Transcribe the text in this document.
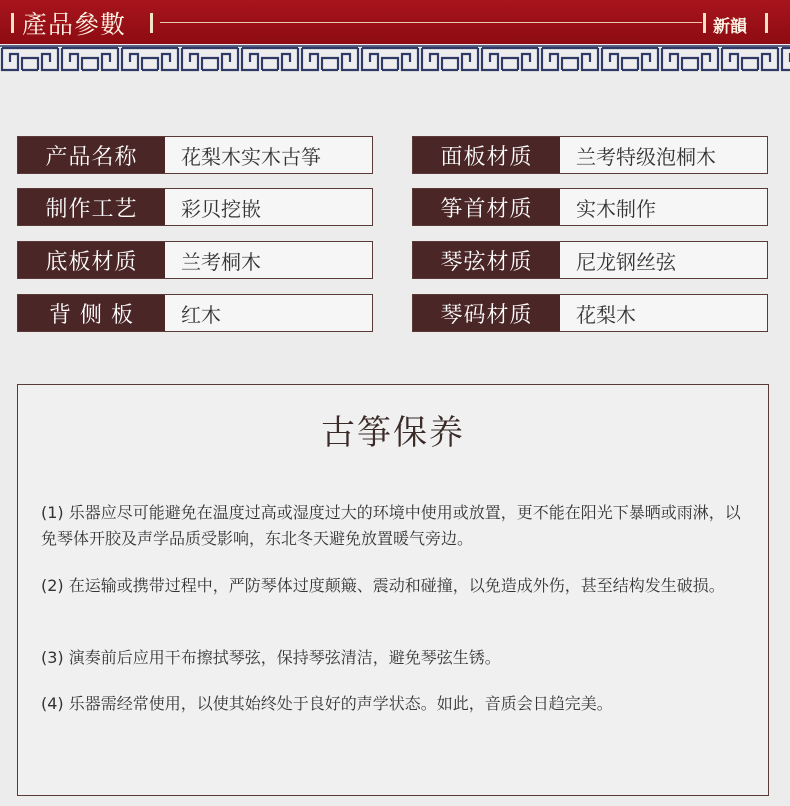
產品參數	新韻
产品名称	花梨木实木古筝	面板材质	兰考特级泡桐木
制作工艺	彩贝挖嵌	筝首材质	实木制作
底板材质	兰考桐木	琴弦材质	尼龙钢丝弦
背 侧 板	红木	琴码材质	花梨木
古筝保养
(1) 乐器应尽可能避免在温度过高或湿度过大的环境中使用或放置，更不能在阳光下暴晒或雨淋，以免琴体开胶及声学品质受影响，东北冬天避免放置暖气旁边。
(2) 在运输或携带过程中，严防琴体过度颠簸、震动和碰撞，以免造成外伤，甚至结构发生破损。
(3) 演奏前后应用干布擦拭琴弦，保持琴弦清洁，避免琴弦生锈。
(4) 乐器需经常使用，以使其始终处于良好的声学状态。如此，音质会日趋完美。
